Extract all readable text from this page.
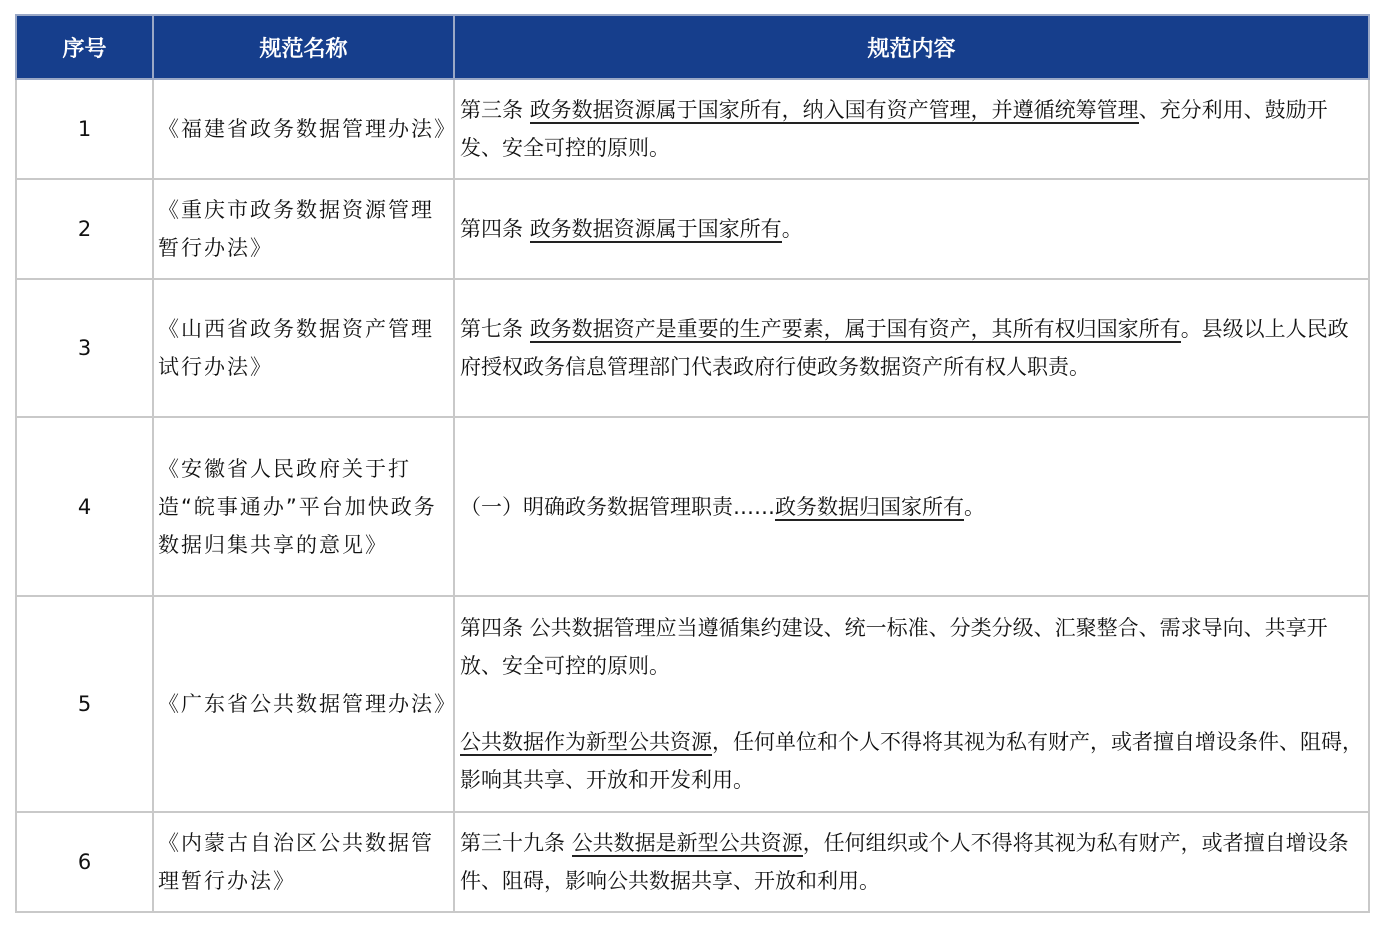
序号	规范名称	规范内容
1	《福建省政务数据管理办法》	第三条 政务数据资源属于国家所有，纳入国有资产管理，并遵循统筹管理、充分利用、鼓励开发、安全可控的原则。
2	《重庆市政务数据资源管理暂行办法》	第四条 政务数据资源属于国家所有。
3	《山西省政务数据资产管理试行办法》	第七条 政务数据资产是重要的生产要素，属于国有资产，其所有权归国家所有。县级以上人民政府授权政务信息管理部门代表政府行使政务数据资产所有权人职责。
4	《安徽省人民政府关于打造“皖事通办”平台加快政务数据归集共享的意见》	（一）明确政务数据管理职责……政务数据归国家所有。
5	《广东省公共数据管理办法》	第四条 公共数据管理应当遵循集约建设、统一标准、分类分级、汇聚整合、需求导向、共享开放、安全可控的原则。
公共数据作为新型公共资源，任何单位和个人不得将其视为私有财产，或者擅自增设条件、阻碍，影响其共享、开放和开发利用。
6	《内蒙古自治区公共数据管理暂行办法》	第三十九条 公共数据是新型公共资源，任何组织或个人不得将其视为私有财产，或者擅自增设条件、阻碍，影响公共数据共享、开放和利用。
